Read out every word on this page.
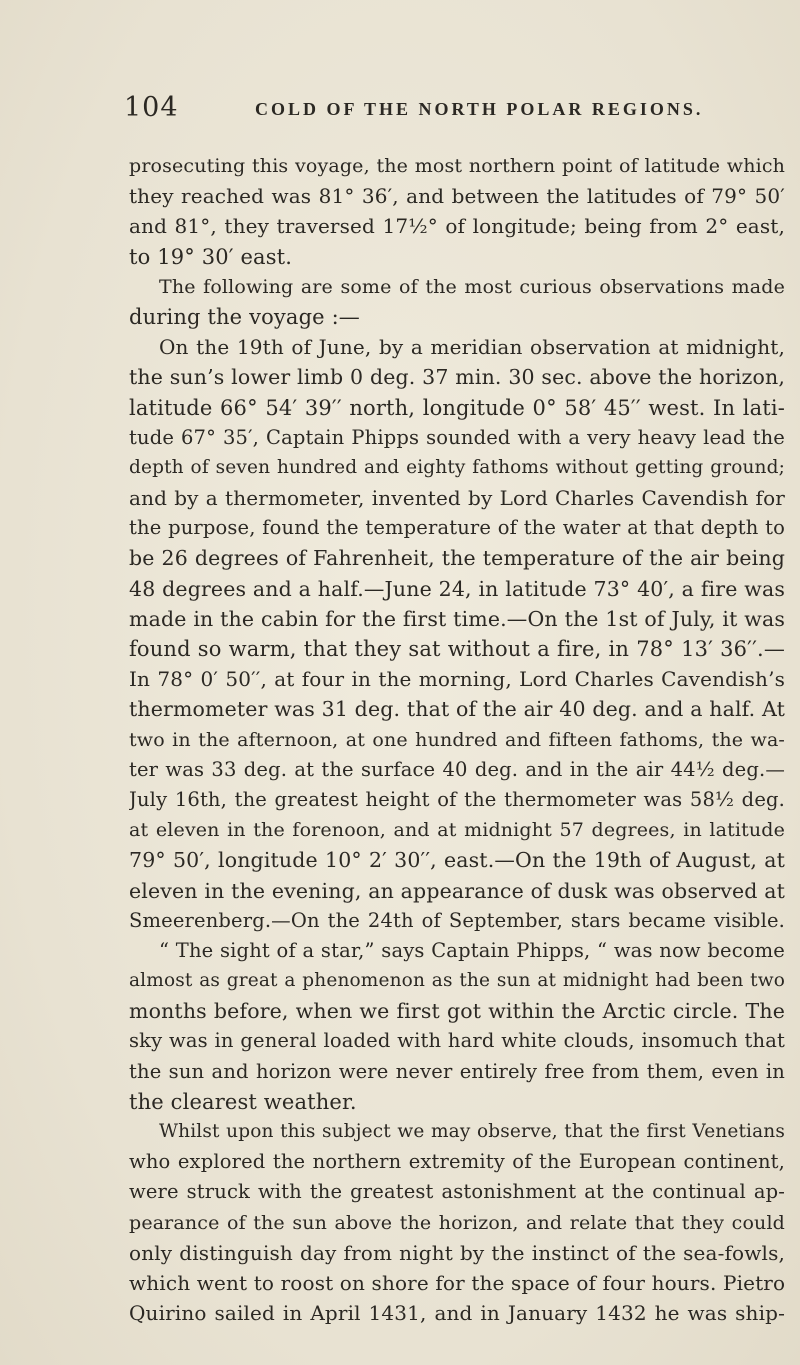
104	COLD OF THE NORTH POLAR REGIONS.
prosecuting this voyage, the most northern point of latitude which
they reached was 81° 36′, and between the latitudes of 79° 50′
and 81°, they traversed 17½° of longitude; being from 2° east,
to 19° 30′ east.
The following are some of the most curious observations made
during the voyage :—
On the 19th of June, by a meridian observation at midnight,
the sun’s lower limb 0 deg. 37 min. 30 sec. above the horizon,
latitude 66° 54′ 39′′ north, longitude 0° 58′ 45′′ west. In lati-
tude 67° 35′, Captain Phipps sounded with a very heavy lead the
depth of seven hundred and eighty fathoms without getting ground;
and by a thermometer, invented by Lord Charles Cavendish for
the purpose, found the temperature of the water at that depth to
be 26 degrees of Fahrenheit, the temperature of the air being
48 degrees and a half.—June 24, in latitude 73° 40′, a fire was
made in the cabin for the first time.—On the 1st of July, it was
found so warm, that they sat without a fire, in 78° 13′ 36′′.—
In 78° 0′ 50′′, at four in the morning, Lord Charles Cavendish’s
thermometer was 31 deg. that of the air 40 deg. and a half. At
two in the afternoon, at one hundred and fifteen fathoms, the wa-
ter was 33 deg. at the surface 40 deg. and in the air 44½ deg.—
July 16th, the greatest height of the thermometer was 58½ deg.
at eleven in the forenoon, and at midnight 57 degrees, in latitude
79° 50′, longitude 10° 2′ 30′′, east.—On the 19th of August, at
eleven in the evening, an appearance of dusk was observed at
Smeerenberg.—On the 24th of September, stars became visible.
“ The sight of a star,” says Captain Phipps, “ was now become
almost as great a phenomenon as the sun at midnight had been two
months before, when we first got within the Arctic circle. The
sky was in general loaded with hard white clouds, insomuch that
the sun and horizon were never entirely free from them, even in
the clearest weather.
Whilst upon this subject we may observe, that the first Venetians
who explored the northern extremity of the European continent,
were struck with the greatest astonishment at the continual ap-
pearance of the sun above the horizon, and relate that they could
only distinguish day from night by the instinct of the sea-fowls,
which went to roost on shore for the space of four hours. Pietro
Quirino sailed in April 1431, and in January 1432 he was ship-
